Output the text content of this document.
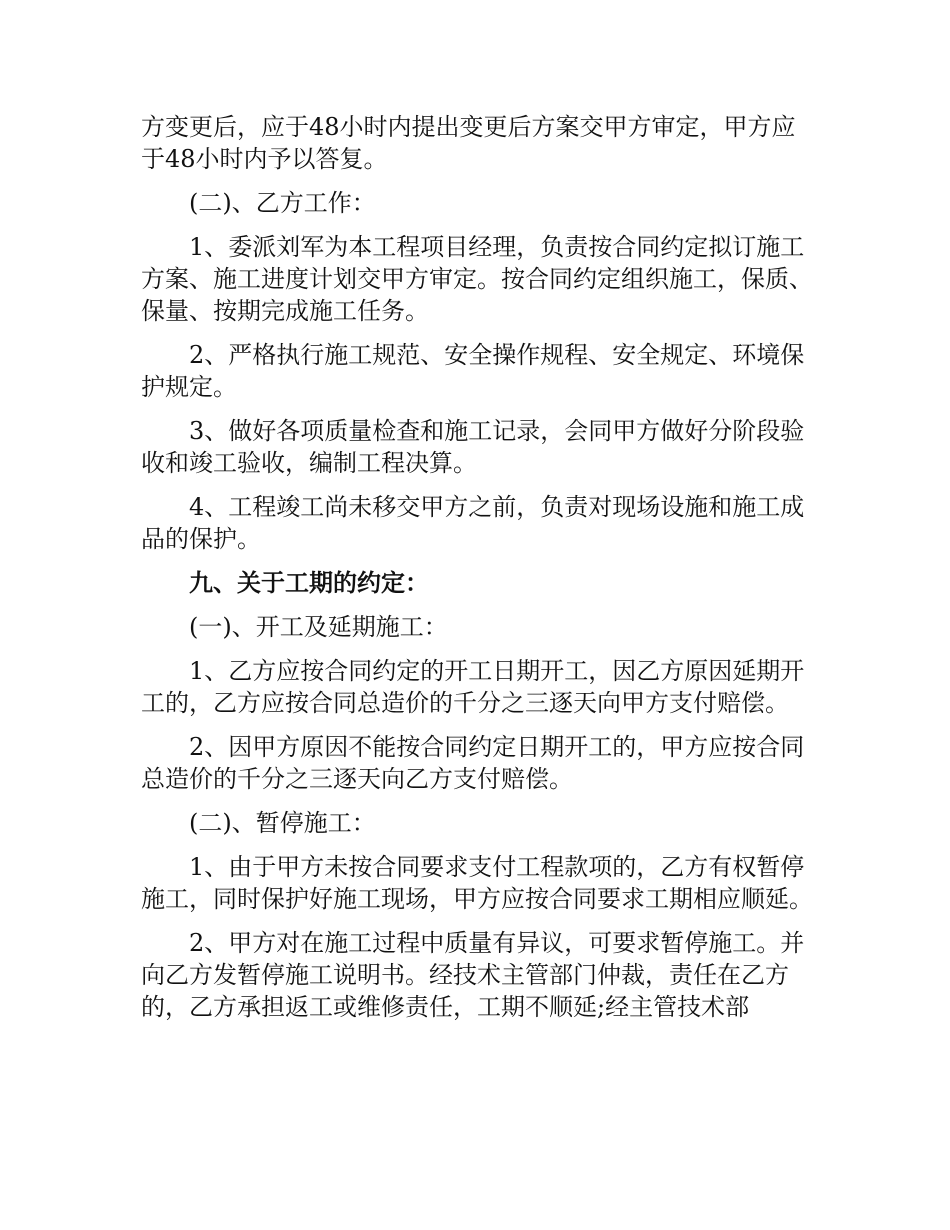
方变更后，应于48小时内提出变更后方案交甲方审定，甲方应于48小时内予以答复。

(二)、乙方工作：

1、委派刘军为本工程项目经理，负责按合同约定拟订施工方案、施工进度计划交甲方审定。按合同约定组织施工，保质、保量、按期完成施工任务。

2、严格执行施工规范、安全操作规程、安全规定、环境保护规定。

3、做好各项质量检查和施工记录，会同甲方做好分阶段验收和竣工验收，编制工程决算。

4、工程竣工尚未移交甲方之前，负责对现场设施和施工成品的保护。

九、关于工期的约定：

(一)、开工及延期施工：

1、乙方应按合同约定的开工日期开工，因乙方原因延期开工的，乙方应按合同总造价的千分之三逐天向甲方支付赔偿。

2、因甲方原因不能按合同约定日期开工的，甲方应按合同总造价的千分之三逐天向乙方支付赔偿。

(二)、暂停施工：

1、由于甲方未按合同要求支付工程款项的，乙方有权暂停施工，同时保护好施工现场，甲方应按合同要求工期相应顺延。

2、甲方对在施工过程中质量有异议，可要求暂停施工。并向乙方发暂停施工说明书。经技术主管部门仲裁，责任在乙方的，乙方承担返工或维修责任，工期不顺延;经主管技术部
